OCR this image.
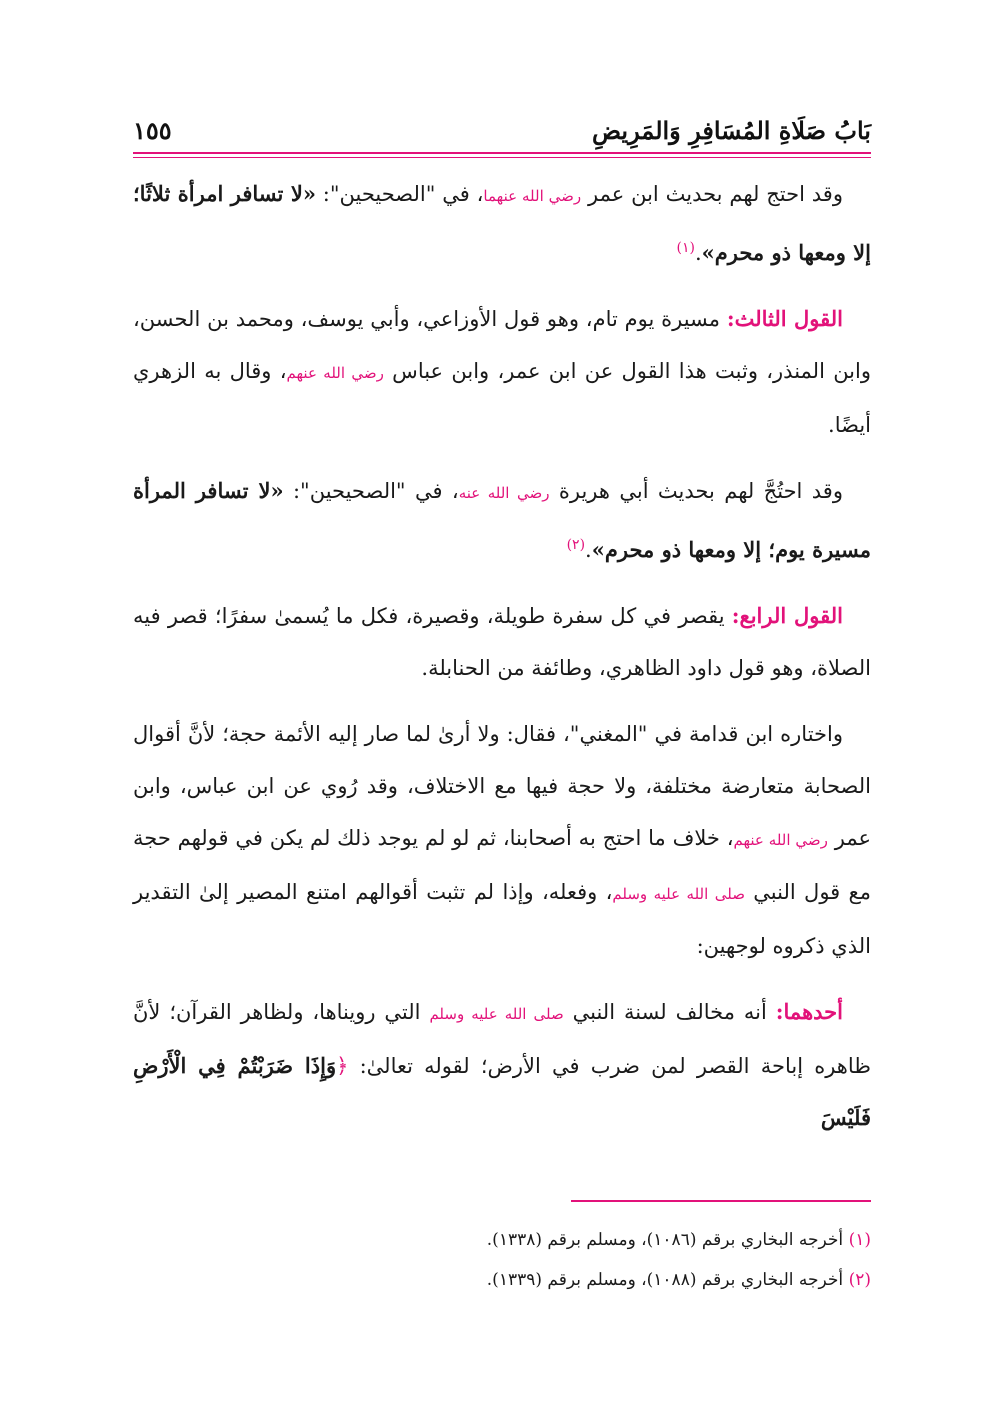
بَابُ صَلَاةِ المُسَافِرِ وَالمَرِيضِ
١٥٥

وقد احتج لهم بحديث ابن عمر رضي الله عنهما، في "الصحيحين": «لا تسافر امرأة ثلاثًا؛ إلا ومعها ذو محرم».$^{(١)}$

القول الثالث: مسيرة يوم تام، وهو قول الأوزاعي، وأبي يوسف، ومحمد بن الحسن، وابن المنذر، وثبت هذا القول عن ابن عمر، وابن عباس رضي الله عنهم، وقال به الزهري أيضًا.

وقد احتُجَّ لهم بحديث أبي هريرة رضي الله عنه، في "الصحيحين": «لا تسافر المرأة مسيرة يوم؛ إلا ومعها ذو محرم».$^{(٢)}$

القول الرابع: يقصر في كل سفرة طويلة، وقصيرة، فكل ما يُسمىٰ سفرًا؛ قصر فيه الصلاة، وهو قول داود الظاهري، وطائفة من الحنابلة.

واختاره ابن قدامة في "المغني"، فقال: ولا أرىٰ لما صار إليه الأئمة حجة؛ لأنَّ أقوال الصحابة متعارضة مختلفة، ولا حجة فيها مع الاختلاف، وقد رُوي عن ابن عباس، وابن عمر رضي الله عنهم، خلاف ما احتج به أصحابنا، ثم لو لم يوجد ذلك لم يكن في قولهم حجة مع قول النبي صلى الله عليه وسلم، وفعله، وإذا لم تثبت أقوالهم امتنع المصير إلىٰ التقدير الذي ذكروه لوجهين:

أحدهما: أنه مخالف لسنة النبي صلى الله عليه وسلم التي رويناها، ولظاهر القرآن؛ لأنَّ ظاهره إباحة القصر لمن ضرب في الأرض؛ لقوله تعالىٰ: ﴿وَإِذَا ضَرَبْتُمْ فِي الْأَرْضِ فَلَيْسَ

(١) أخرجه البخاري برقم (١٠٨٦)، ومسلم برقم (١٣٣٨).
(٢) أخرجه البخاري برقم (١٠٨٨)، ومسلم برقم (١٣٣٩).
